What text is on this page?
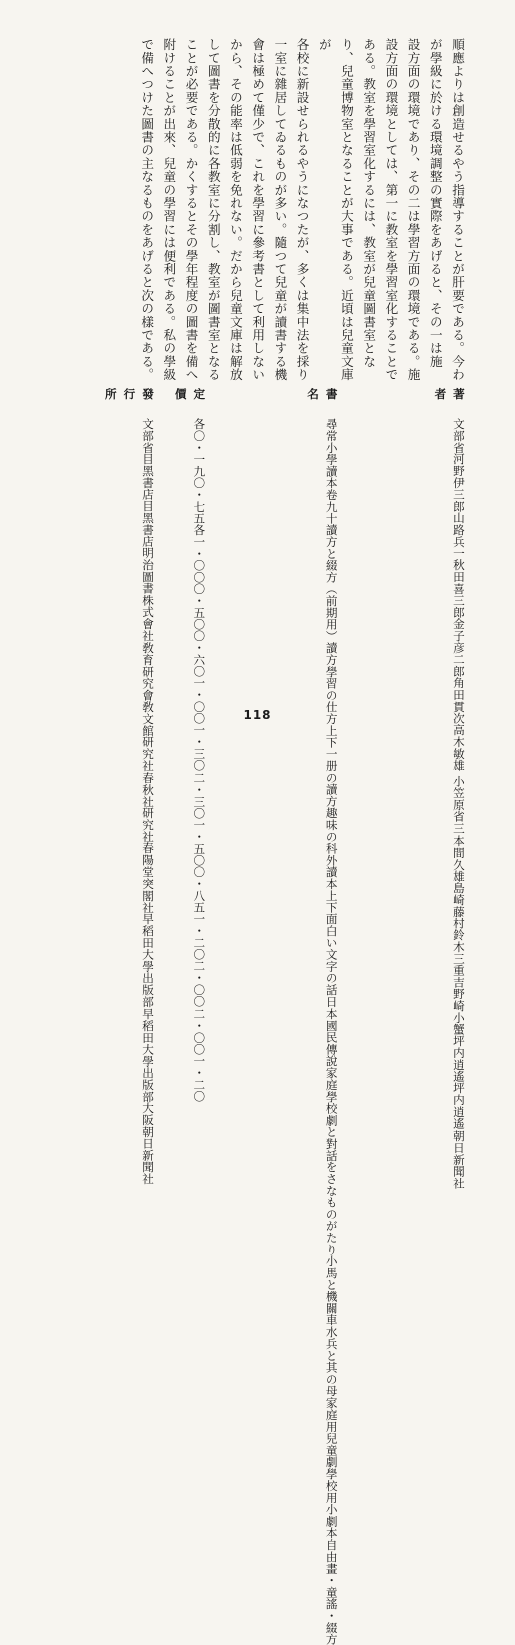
順應よりは創造せるやう指導することが肝要である。今わが學級に於ける環境調整の實際をあげると、その一は施

設方面の環境であり、その二は學習方面の環境である。施設方面の環境としては、第一に教室を學習室化することで

ある。教室を學習室化するには、教室が兒童圖書室となり、兒童博物室となることが大事である。近頃は兒童文庫が

各校に新設せられるやうになつたが、多くは集中法を採り一室に雜居してゐるものが多い。隨つて兒童が讀書する機

會は極めて僅少で、これを學習に參考書として利用しないから、その能率は低弱を免れない。だから兒童文庫は解放

して圖書を分散的に各教室に分割し、教室が圖書室となることが必要である。かくするとその學年程度の圖書を備へ

附けることが出來、兒童の學習には便利である。私の學級で備へつけた圖書の主なるものをあげると次の樣である。

著者
文部省
河野伊三郎
山路兵一
秋田喜三郎
金子彦二郎
角田貫次
高木敏雄 小笠原省三
本間久雄
島崎藤村
鈴木三重吉
野崎小蟹
坪内逍遙
坪内逍遙
朝日新聞社
書名
尋常小學讀本卷九十
讀方と綴方（前期用）
讀方學習の仕方上下
一册の讀方
趣味の科外讀本上下
面白い文字の話
日本國民傳說
家庭學校劇と對話
をさなものがたり
小馬と機關車
水兵と其の母
家庭用兒童劇
學校用小劇本
自由畫・童謠・綴方
定價
各〇・一九
〇・七五
各一・〇〇
〇・五〇
〇・六〇
一・〇〇
一・三〇
二・三〇
一・五〇
〇・八五
一・二〇
二・〇〇
二・〇〇
一・二〇
發行所
文部省
目黑書店
目黑書店
明治圖書株式會社
敎育研究會
敎文館
研究社
春秋社
研究社
春陽堂
突閣社
早稻田大學出版部
早稻田大學出版部
大阪朝日新聞社
118
